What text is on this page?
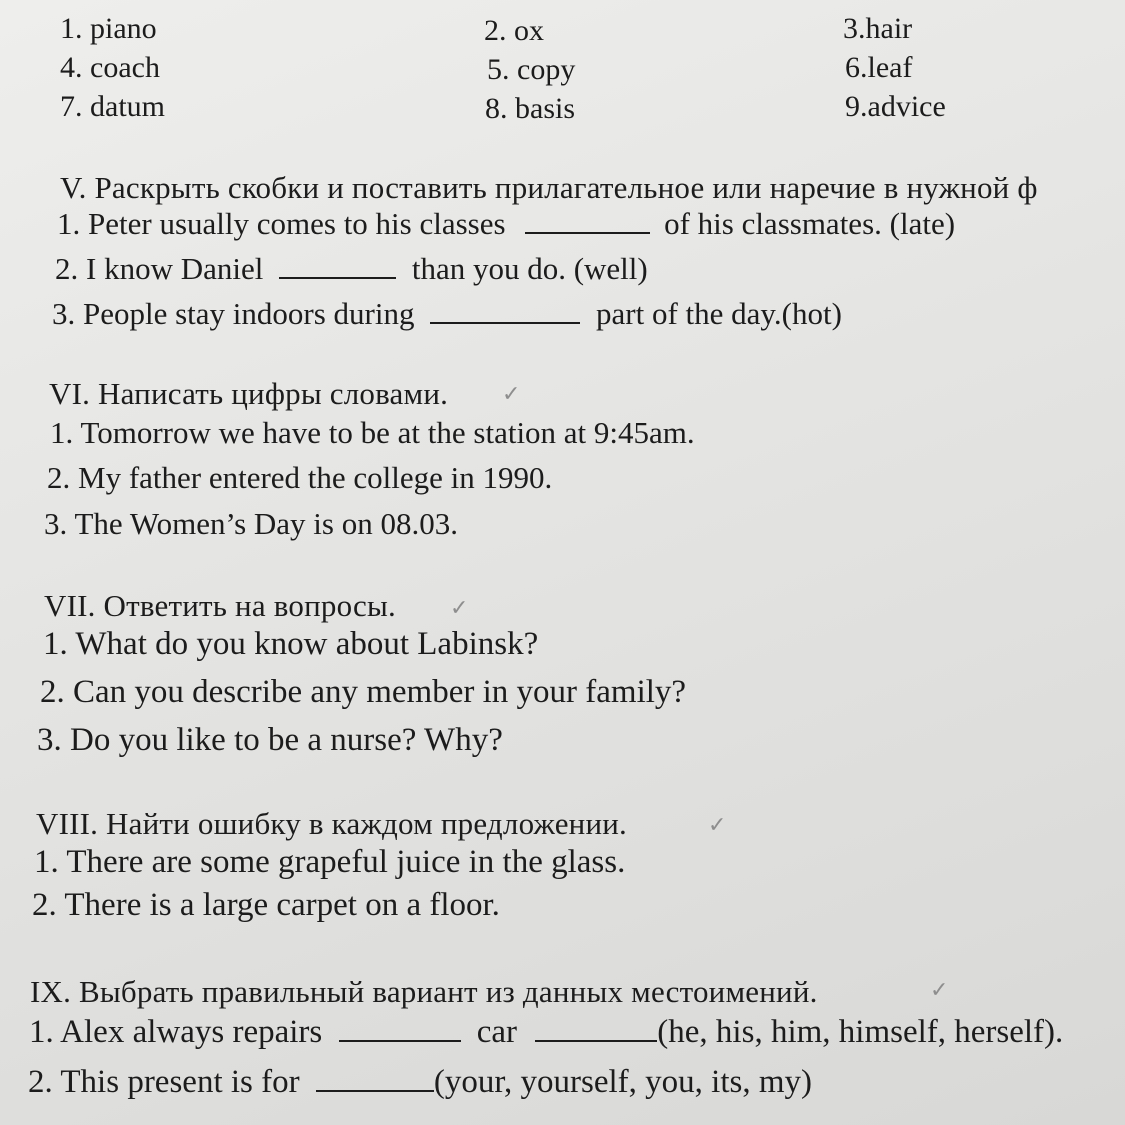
1. piano	2. ox	3.hair
4. coach	5. copy	6.leaf
7. datum	8. basis	9.advice
V. Раскрыть скобки и поставить прилагательное или наречие в нужной ф
1. Peter usually comes to his classes	of his classmates. (late)
2. I know Daniel	than you do. (well)
3. People stay indoors during	part of the day.(hot)
VI. Написать цифры словами. ✓
1. Tomorrow we have to be at the station at 9:45am.
2. My father entered the college in 1990.
3. The Women’s Day is on 08.03.
VII. Ответить на вопросы. ✓
1. What do you know about Labinsk?
2. Can you describe any member in your family?
3. Do you like to be a nurse? Why?
VIII. Найти ошибку в каждом предложении.	✓
1. There are some grapeful juice in the glass.
2. There is a large carpet on a floor.
IX. Выбрать правильный вариант из данных местоимений.	✓
1. Alex always repairs	car	(he, his, him, himself, herself).
2. This present is for	(your, yourself, you, its, my)
